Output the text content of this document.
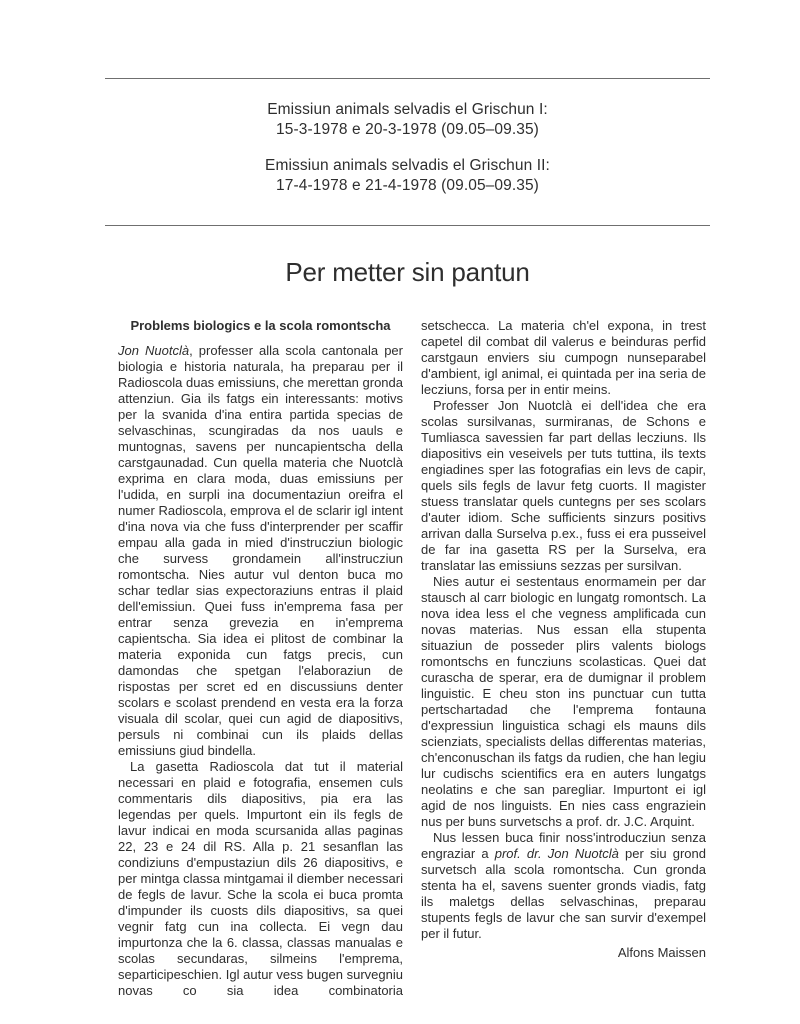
Emissiun animals selvadis el Grischun I:
15-3-1978 e 20-3-1978 (09.05–09.35)
Emissiun animals selvadis el Grischun II:
17-4-1978 e 21-4-1978 (09.05–09.35)
Per metter sin pantun
Problems biologics e la scola romontscha

Jon Nuotclà, professer alla scola cantonala per biologia e historia naturala, ha preparau per il Radioscola duas emissiuns, che merettan gronda attenziun. Gia ils fatgs ein interessants: motivs per la svanida d'ina entira partida specias de selvaschinas, scungiradas da nos uauls e muntognas, savens per nuncapientscha della carstgaunadad. Cun quella materia che Nuotclà exprima en clara moda, duas emissiuns per l'udida, en surpli ina documentaziun oreifra el numer Radioscola, emprova el de sclarir igl intent d'ina nova via che fuss d'interprender per scaffir empau alla gada in mied d'instrucziun biologic che survess grondamein all'instrucziun romontscha. Nies autur vul denton buca mo schar tedlar sias expectoraziuns entras il plaid dell'emissiun. Quei fuss in'emprema fasa per entrar senza grevezia en in'emprema capientscha. Sia idea ei plitost de combinar la materia exponida cun fatgs precis, cun damondas che spetgan l'elaboraziun de rispostas per scret ed en discussiuns denter scolars e scolast prendend en vesta era la forza visuala dil scolar, quei cun agid de diapositivs, persuls ni combinai cun ils plaids dellas emissiuns giud bindella.

La gasetta Radioscola dat tut il material necessari en plaid e fotografia, ensemen culs commentaris dils diapositivs, pia era las legendas per quels. Impurtont ein ils fegls de lavur indicai en moda scursanida allas paginas 22, 23 e 24 dil RS. Alla p. 21 sesanflan las condiziuns d'empustaziun dils 26 diapositivs, e per mintga classa mintgamai il diember necessari de fegls de lavur. Sche la scola ei buca promta d'impunder ils cuosts dils diapositivs, sa quei vegnir fatg cun ina collecta. Ei vegn dau impurtonza che la 6. classa, classas manualas e scolas secundaras, silmeins l'emprema, separticipeschien. Igl autur vess bugen survegniu novas co sia idea combinatoria

setschecca. La materia ch'el expona, in trest capetel dil combat dil valerus e beinduras perfid carstgaun enviers siu cumpogn nunseparabel d'ambient, igl animal, ei quintada per ina seria de lecziuns, forsa per in entir meins.

Professer Jon Nuotclà ei dell'idea che era scolas sursilvanas, surmiranas, de Schons e Tumliasca savessien far part dellas lecziuns. Ils diapositivs ein veseivels per tuts tuttina, ils texts engiadines sper las fotografias ein levs de capir, quels sils fegls de lavur fetg cuorts. Il magister stuess translatar quels cuntegns per ses scolars d'auter idiom. Sche sufficients sinzurs positivs arrivan dalla Surselva p.ex., fuss ei era pusseivel de far ina gasetta RS per la Surselva, era translatar las emissiuns sezzas per sursilvan.

Nies autur ei sestentaus enormamein per dar stausch al carr biologic en lungatg romontsch. La nova idea less el che vegness amplificada cun novas materias. Nus essan ella stupenta situaziun de posseder plirs valents biologs romontschs en funcziuns scolasticas. Quei dat curascha de sperar, era de dumignar il problem linguistic. E cheu ston ins punctuar cun tutta pertschartadad che l'emprema fontauna d'expressiun linguistica schagi els mauns dils scienziats, specialists dellas differentas materias, ch'enconuschan ils fatgs da rudien, che han legiu lur cudischs scientifics era en auters lungatgs neolatins e che san paregliar. Impurtont ei igl agid de nos linguists. En nies cass engraziein nus per buns survetschs a prof. dr. J.C. Arquint.

Nus lessen buca finir noss'introducziun senza engraziar a prof. dr. Jon Nuotclà per siu grond survetsch alla scola romontscha. Cun gronda stenta ha el, savens suenter gronds viadis, fatg ils maletgs dellas selvaschinas, preparau stupents fegls de lavur che san survir d'exempel per il futur.

Alfons Maissen
